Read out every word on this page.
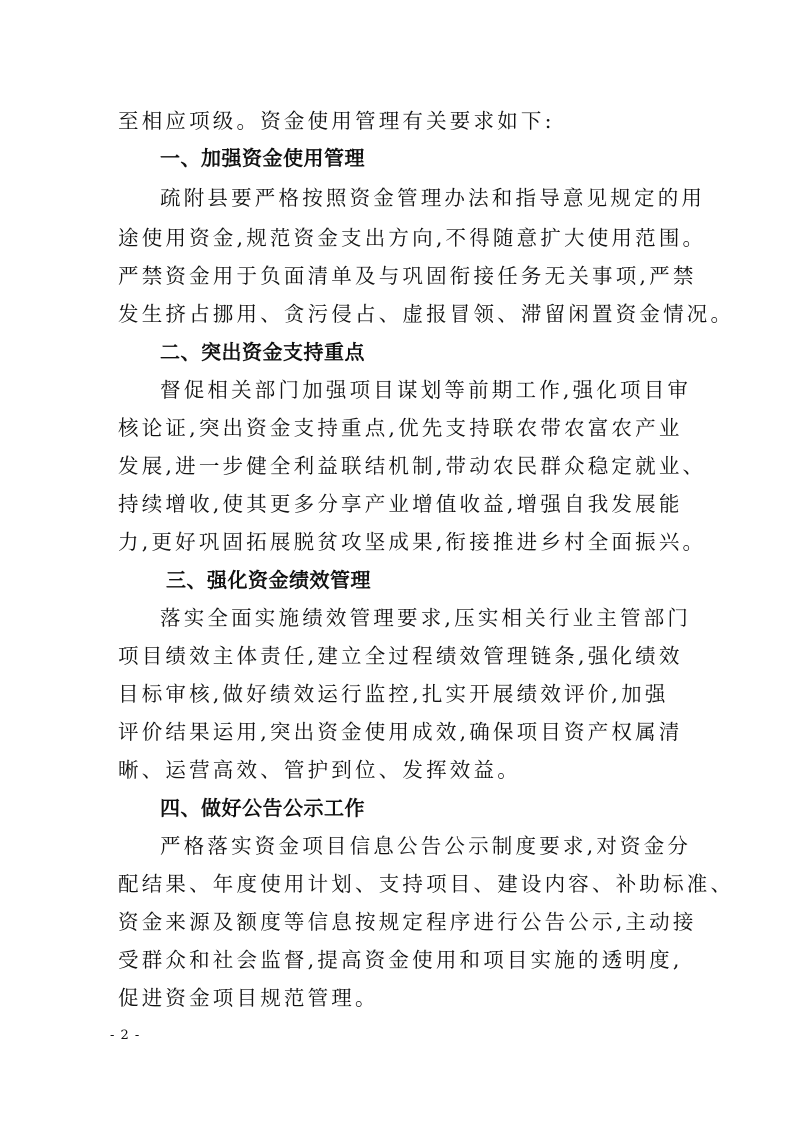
至相应项级。资金使用管理有关要求如下:
一、加强资金使用管理
疏附县要严格按照资金管理办法和指导意见规定的用
途使用资金,规范资金支出方向,不得随意扩大使用范围。
严禁资金用于负面清单及与巩固衔接任务无关事项,严禁
发生挤占挪用、贪污侵占、虚报冒领、滞留闲置资金情况。
二、突出资金支持重点
督促相关部门加强项目谋划等前期工作,强化项目审
核论证,突出资金支持重点,优先支持联农带农富农产业
发展,进一步健全利益联结机制,带动农民群众稳定就业、
持续增收,使其更多分享产业增值收益,增强自我发展能
力,更好巩固拓展脱贫攻坚成果,衔接推进乡村全面振兴。
三、强化资金绩效管理
落实全面实施绩效管理要求,压实相关行业主管部门
项目绩效主体责任,建立全过程绩效管理链条,强化绩效
目标审核,做好绩效运行监控,扎实开展绩效评价,加强
评价结果运用,突出资金使用成效,确保项目资产权属清
晰、运营高效、管护到位、发挥效益。
四、做好公告公示工作
严格落实资金项目信息公告公示制度要求,对资金分
配结果、年度使用计划、支持项目、建设内容、补助标准、
资金来源及额度等信息按规定程序进行公告公示,主动接
受群众和社会监督,提高资金使用和项目实施的透明度,
促进资金项目规范管理。
- 2 -
